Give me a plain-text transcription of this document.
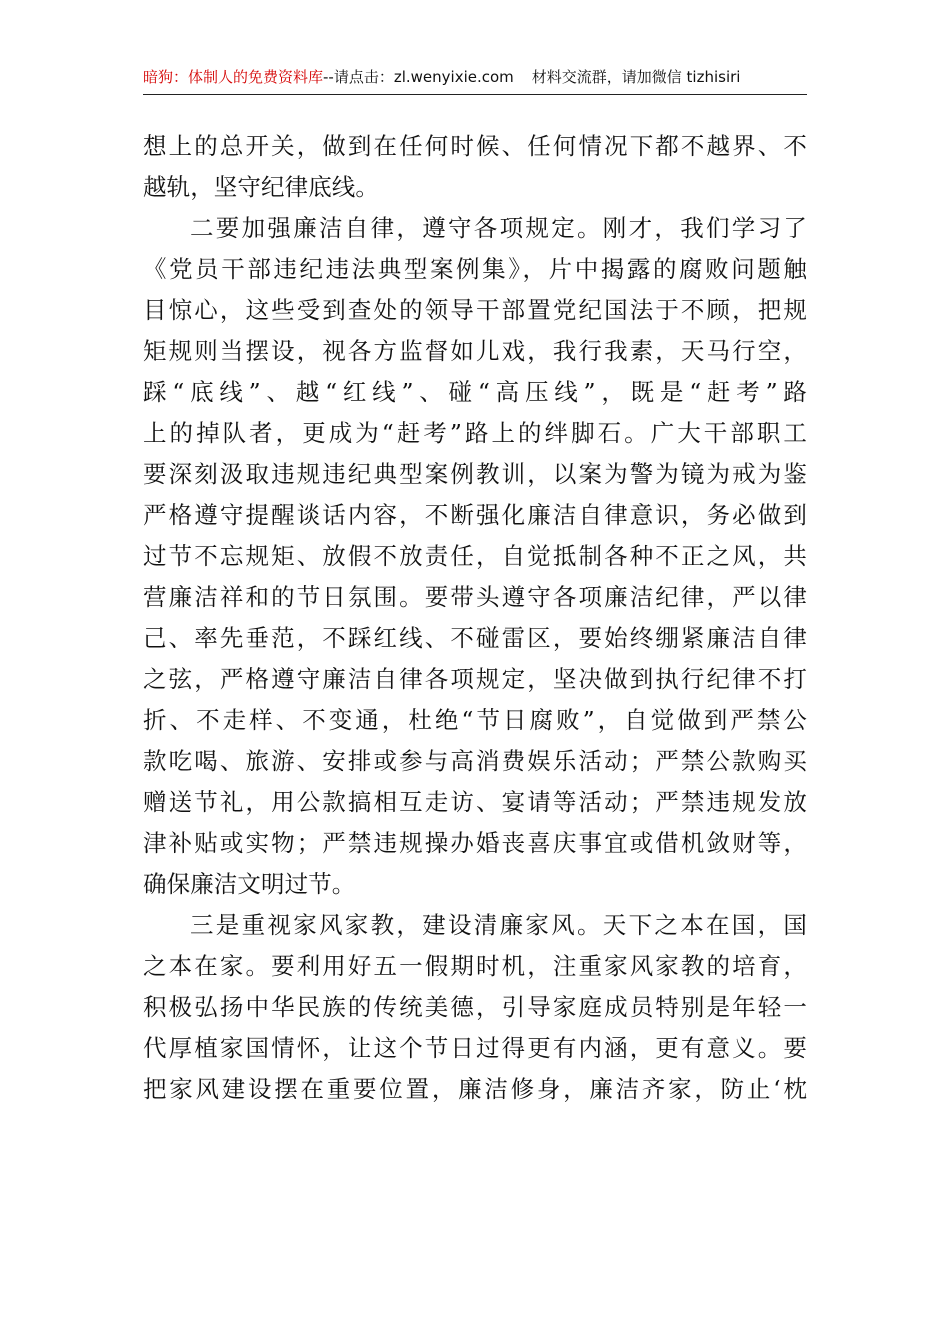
暗狗：体制人的免费资料库--请点击：zl.wenyixie.com 材料交流群，请加微信 tizhisiri
想上的总开关，做到在任何时候、任何情况下都不越界、不
越轨，坚守纪律底线。
二要加强廉洁自律，遵守各项规定。刚才，我们学习了
《党员干部违纪违法典型案例集》，片中揭露的腐败问题触
目惊心，这些受到查处的领导干部置党纪国法于不顾，把规
矩规则当摆设，视各方监督如儿戏，我行我素，天马行空，
踩“底线”、越“红线”、碰“高压线”，既是“赶考”路
上的掉队者，更成为“赶考”路上的绊脚石。广大干部职工
要深刻汲取违规违纪典型案例教训，以案为警为镜为戒为鉴
严格遵守提醒谈话内容，不断强化廉洁自律意识，务必做到
过节不忘规矩、放假不放责任，自觉抵制各种不正之风，共
营廉洁祥和的节日氛围。要带头遵守各项廉洁纪律，严以律
己、率先垂范，不踩红线、不碰雷区，要始终绷紧廉洁自律
之弦，严格遵守廉洁自律各项规定，坚决做到执行纪律不打
折、不走样、不变通，杜绝“节日腐败”，自觉做到严禁公
款吃喝、旅游、安排或参与高消费娱乐活动；严禁公款购买
赠送节礼，用公款搞相互走访、宴请等活动；严禁违规发放
津补贴或实物；严禁违规操办婚丧喜庆事宜或借机敛财等，
确保廉洁文明过节。
三是重视家风家教，建设清廉家风。天下之本在国，国
之本在家。要利用好五一假期时机，注重家风家教的培育，
积极弘扬中华民族的传统美德，引导家庭成员特别是年轻一
代厚植家国情怀，让这个节日过得更有内涵，更有意义。要
把家风建设摆在重要位置，廉洁修身，廉洁齐家，防止‘枕
